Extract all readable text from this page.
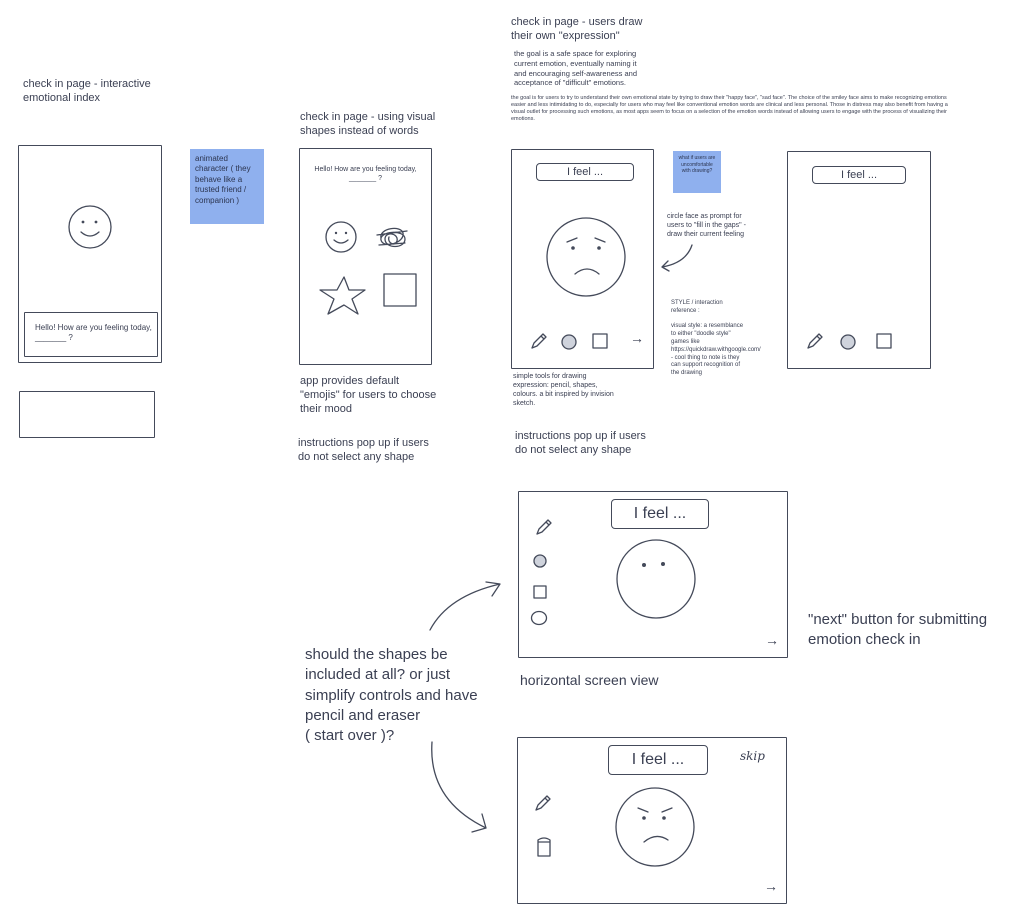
check in page - interactive
emotional index
Hello! How are you feeling today,
_______ ?
animated character ( they behave like a trusted friend / companion )
check in page - using visual
shapes instead of words
Hello! How are you feeling today,
_______ ?
app provides default
"emojis" for users to choose
their mood
instructions pop up if users
do not select any shape
check in page - users draw
their own "expression"
the goal is a safe space for exploring
current emotion, eventually naming it
and encouraging self-awareness and
acceptance of "difficult" emotions.
the goal is for users to try to understand their own emotional state by trying to draw their "happy face", "sad face". The choice of the smiley face aims to make recognizing emotions easier and less intimidating to do, especially for users who may feel like conventional emotion words are clinical and less personal. Those in distress may also benefit from having a visual outlet for processing such emotions, as most apps seem to focus on a selection of the emotion words instead of allowing users to engage with the process of visualizing their emotions.
I feel ...
→
what if users are uncomfortable with drawing?
circle face as prompt for
users to "fill in the gaps" -
draw their current feeling
STYLE / interaction
reference :

visual style: a resemblance
to either "doodle style"
games like
https://quickdraw.withgoogle.com/
- cool thing to note is they
can support recognition of
the drawing
simple tools for drawing
expression: pencil, shapes,
colours. a bit inspired by invision
sketch.
instructions pop up if users
do not select any shape
I feel ...
I feel ...
→
horizontal screen view
"next" button for submitting
emotion check in
should the shapes be
included at all? or just
simplify controls and have
pencil and eraser
( start over )?
I feel ...	skip
→
